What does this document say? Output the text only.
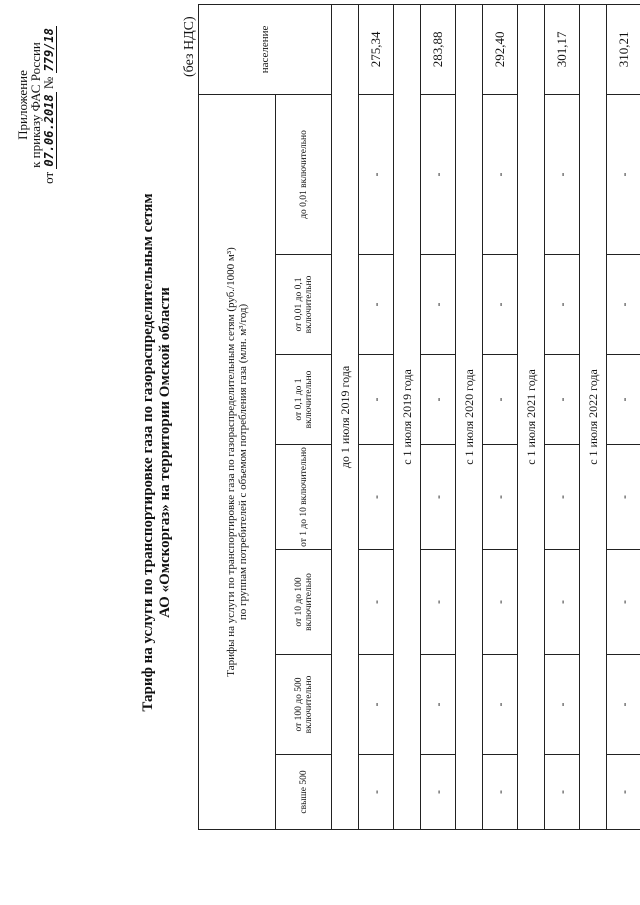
Приложение
к приказу ФАС России
от 07.06.2018 № 779/18
Тариф на услуги по транспортировке газа по газораспределительным сетям АО «Омскоргаз» на территории Омской области
(без НДС)
Тарифы на услуги по транспортировке газа по газораспределительным сетям (руб./1000 м³) по группам потребителей с объемом потребления газа (млн. м³/год)							население
свыше 500	от 100 до 500 включительно	от 10 до 100 включительно	от 1 до 10 включительно	от 0,1 до 1 включительно	от 0,01 до 0,1 включительно	до 0,01 включительно	
до 1 июля 2019 года							
-	-	-	-	-	-	-	275,34
с 1 июля 2019 года							
-	-	-	-	-	-	-	283,88
с 1 июля 2020 года							
-	-	-	-	-	-	-	292,40
с 1 июля 2021 года							
-	-	-	-	-	-	-	301,17
с 1 июля 2022 года							
-	-	-	-	-	-	-	310,21
